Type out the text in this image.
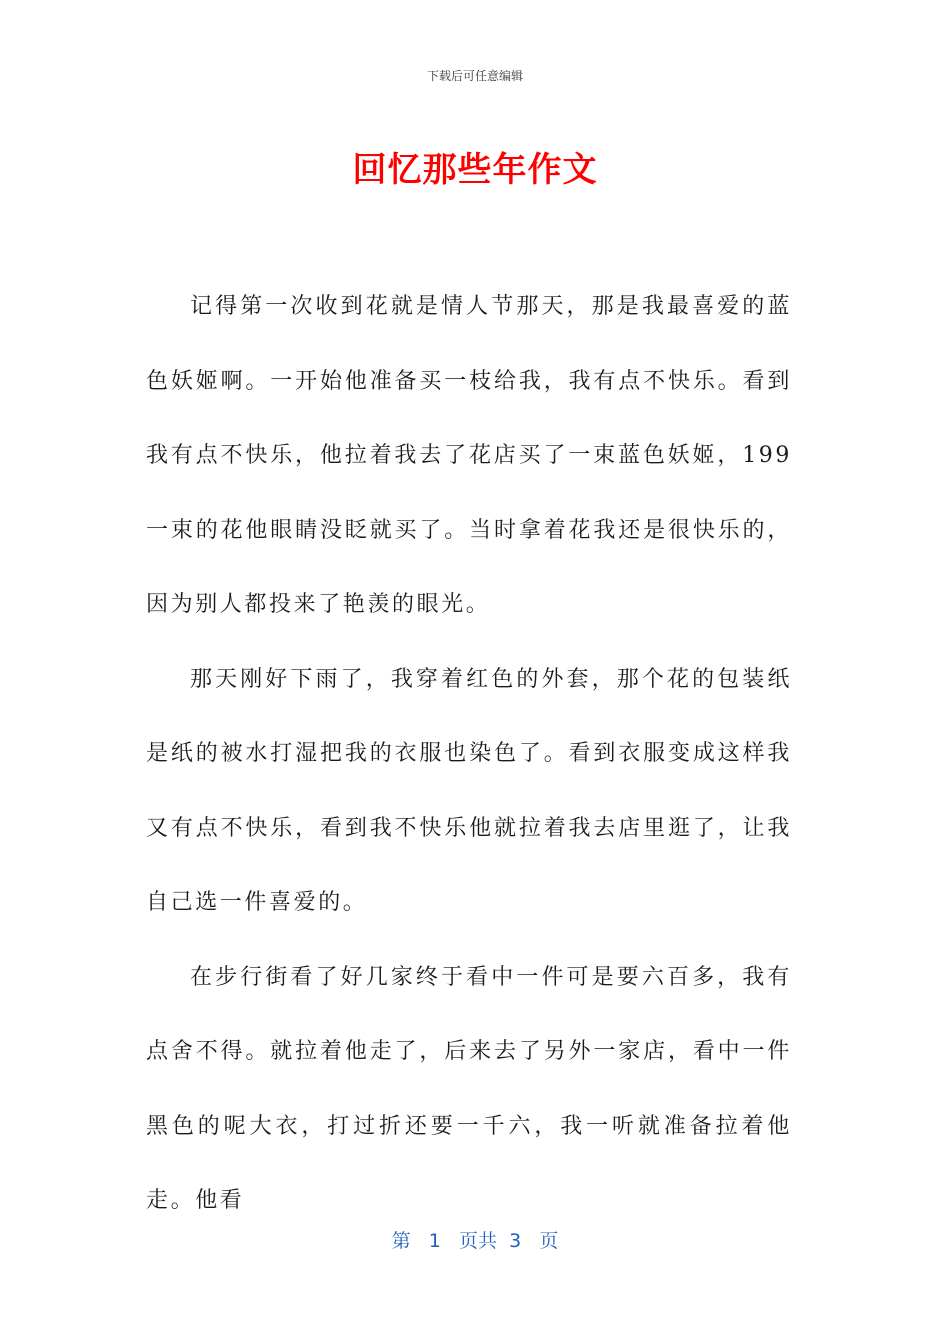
下载后可任意编辑
回忆那些年作文

记得第一次收到花就是情人节那天，那是我最喜爱的蓝色妖姬啊。一开始他准备买一枝给我，我有点不快乐。看到我有点不快乐，他拉着我去了花店买了一束蓝色妖姬，199一束的花他眼睛没眨就买了。当时拿着花我还是很快乐的，因为别人都投来了艳羡的眼光。

那天刚好下雨了，我穿着红色的外套，那个花的包装纸是纸的被水打湿把我的衣服也染色了。看到衣服变成这样我又有点不快乐，看到我不快乐他就拉着我去店里逛了，让我自己选一件喜爱的。

在步行街看了好几家终于看中一件可是要六百多，我有点舍不得。就拉着他走了，后来去了另外一家店，看中一件黑色的呢大衣，打过折还要一千六，我一听就准备拉着他走。他看

第 1 页共 3 页
